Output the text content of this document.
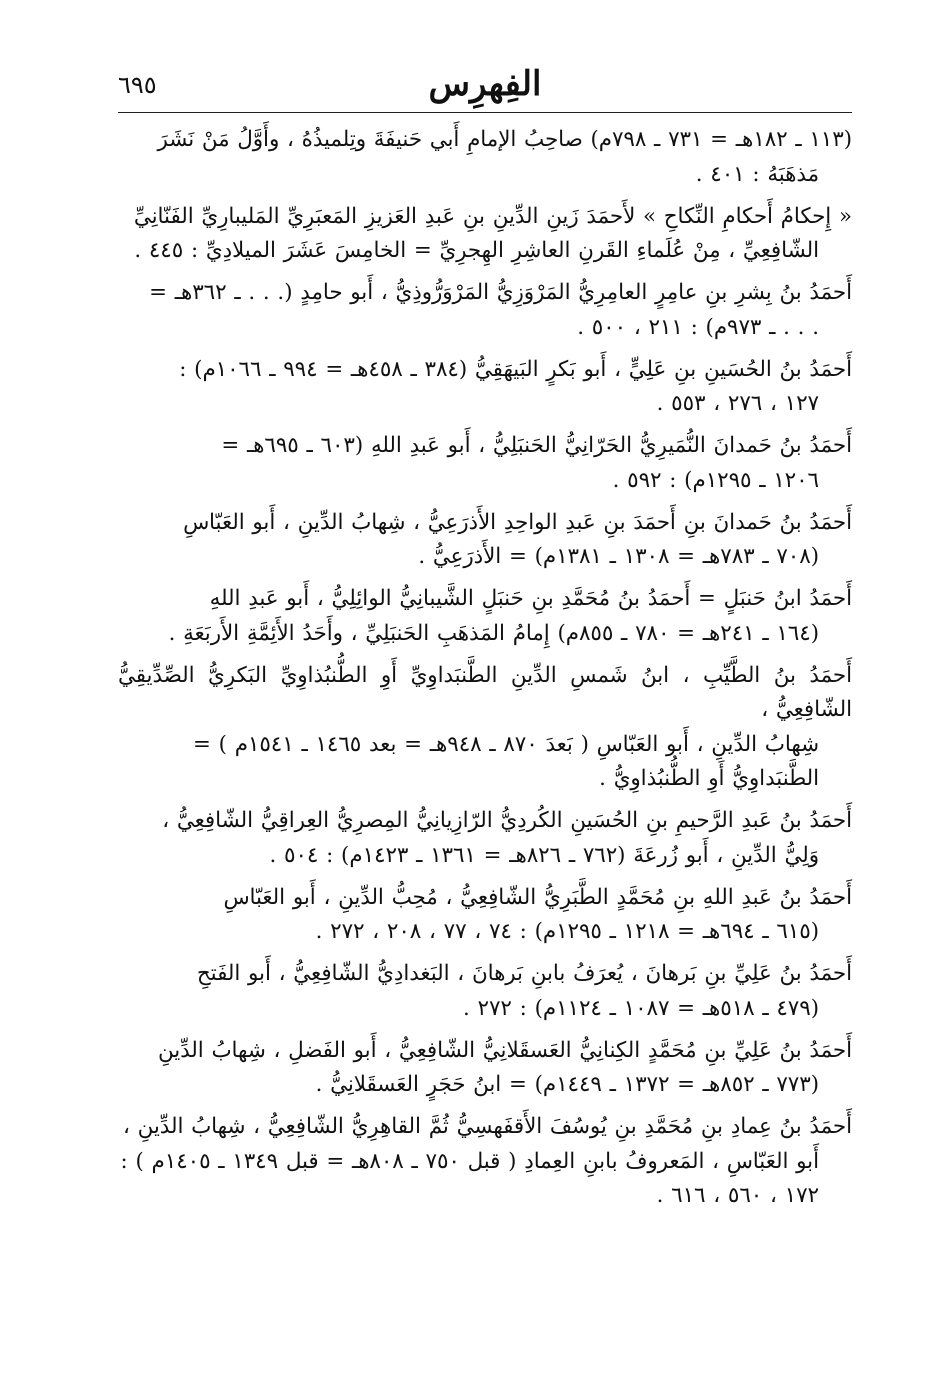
الفِهرِس
٦٩٥
(١١٣ ـ ١٨٢هـ = ٧٣١ ـ ٧٩٨م) صاحِبُ الإمامِ أَبي حَنيفَةَ وتِلميذُهُ ، وأَوَّلُ مَنْ نَشَرَ
مَذهَبَهُ : ٤٠١ .
« إِحكامُ أَحكامِ النِّكاحِ » لأَحمَدَ زَينِ الدِّينِ بنِ عَبدِ العَزيزِ المَعبَرِيِّ المَليبارِيِّ الفَنّانِيِّ
الشّافِعِيِّ ، مِنْ عُلَماءِ القَرنِ العاشِرِ الهِجرِيِّ = الخامِسَ عَشَرَ الميلادِيِّ : ٤٤٥ .
أَحمَدُ بنُ بِشرِ بنِ عامِرٍ العامِرِيُّ المَرْوَزِيُّ المَرْوَرُّوذِيُّ ، أَبو حامِدٍ (. . . ـ ٣٦٢هـ =
. . . ـ ٩٧٣م) : ٢١١ ، ٥٠٠ .
أَحمَدُ بنُ الحُسَينِ بنِ عَلِيٍّ ، أَبو بَكرٍ البَيهَقِيُّ (٣٨٤ ـ ٤٥٨هـ = ٩٩٤ ـ ١٠٦٦م) :
١٢٧ ، ٢٧٦ ، ٥٥٣ .
أَحمَدُ بنُ حَمدانَ النُّمَيرِيُّ الحَرّانِيُّ الحَنبَلِيُّ ، أَبو عَبدِ اللهِ (٦٠٣ ـ ٦٩٥هـ =
١٢٠٦ ـ ١٢٩٥م) : ٥٩٢ .
أَحمَدُ بنُ حَمدانَ بنِ أَحمَدَ بنِ عَبدِ الواحِدِ الأَذرَعِيُّ ، شِهابُ الدِّينِ ، أَبو العَبّاسِ
(٧٠٨ ـ ٧٨٣هـ = ١٣٠٨ ـ ١٣٨١م) = الأَذرَعِيُّ .
أَحمَدُ ابنُ حَنبَلٍ = أَحمَدُ بنُ مُحَمَّدِ بنِ حَنبَلٍ الشَّيبانِيُّ الوائِلِيُّ ، أَبو عَبدِ اللهِ
(١٦٤ ـ ٢٤١هـ = ٧٨٠ ـ ٨٥٥م) إِمامُ المَذهَبِ الحَنبَلِيِّ ، وأَحَدُ الأَئِمَّةِ الأَربَعَةِ .
أَحمَدُ بنُ الطَّيِّبِ ، ابنُ شَمسِ الدِّينِ الطَّنبَداوِيِّ أَوِ الطُّنبُذاوِيِّ البَكرِيُّ الصِّدِّيقِيُّ الشّافِعِيُّ ،
شِهابُ الدِّينِ ، أَبو العَبّاسِ ( بَعدَ ٨٧٠ ـ ٩٤٨هـ = بعد ١٤٦٥ ـ ١٥٤١م ) =
الطَّنبَداوِيُّ أَوِ الطُّنبُذاوِيُّ .
أَحمَدُ بنُ عَبدِ الرَّحيمِ بنِ الحُسَينِ الكُردِيُّ الرّازِيانِيُّ المِصرِيُّ العِراقِيُّ الشّافِعِيُّ ،
وَلِيُّ الدِّينِ ، أَبو زُرعَةَ (٧٦٢ ـ ٨٢٦هـ = ١٣٦١ ـ ١٤٢٣م) : ٥٠٤ .
أَحمَدُ بنُ عَبدِ اللهِ بنِ مُحَمَّدٍ الطَّبَرِيُّ الشّافِعِيُّ ، مُحِبُّ الدِّينِ ، أَبو العَبّاسِ
(٦١٥ ـ ٦٩٤هـ = ١٢١٨ ـ ١٢٩٥م) : ٧٤ ، ٧٧ ، ٢٠٨ ، ٢٧٢ .
أَحمَدُ بنُ عَلِيِّ بنِ بَرهانَ ، يُعرَفُ بابنِ بَرهانَ ، البَغدادِيُّ الشّافِعِيُّ ، أَبو الفَتحِ
(٤٧٩ ـ ٥١٨هـ = ١٠٨٧ ـ ١١٢٤م) : ٢٧٢ .
أَحمَدُ بنُ عَلِيِّ بنِ مُحَمَّدٍ الكِنانِيُّ العَسقَلانِيُّ الشّافِعِيُّ ، أَبو الفَضلِ ، شِهابُ الدِّينِ
(٧٧٣ ـ ٨٥٢هـ = ١٣٧٢ ـ ١٤٤٩م) = ابنُ حَجَرٍ العَسقَلانِيُّ .
أَحمَدُ بنُ عِمادِ بنِ مُحَمَّدِ بنِ يُوسُفَ الأَقفَهسِيُّ ثُمَّ القاهِرِيُّ الشّافِعِيُّ ، شِهابُ الدِّينِ ،
أَبو العَبّاسِ ، المَعروفُ بابنِ العِمادِ ( قبل ٧٥٠ ـ ٨٠٨هـ = قبل ١٣٤٩ ـ ١٤٠٥م ) :
١٧٢ ، ٥٦٠ ، ٦١٦ .
